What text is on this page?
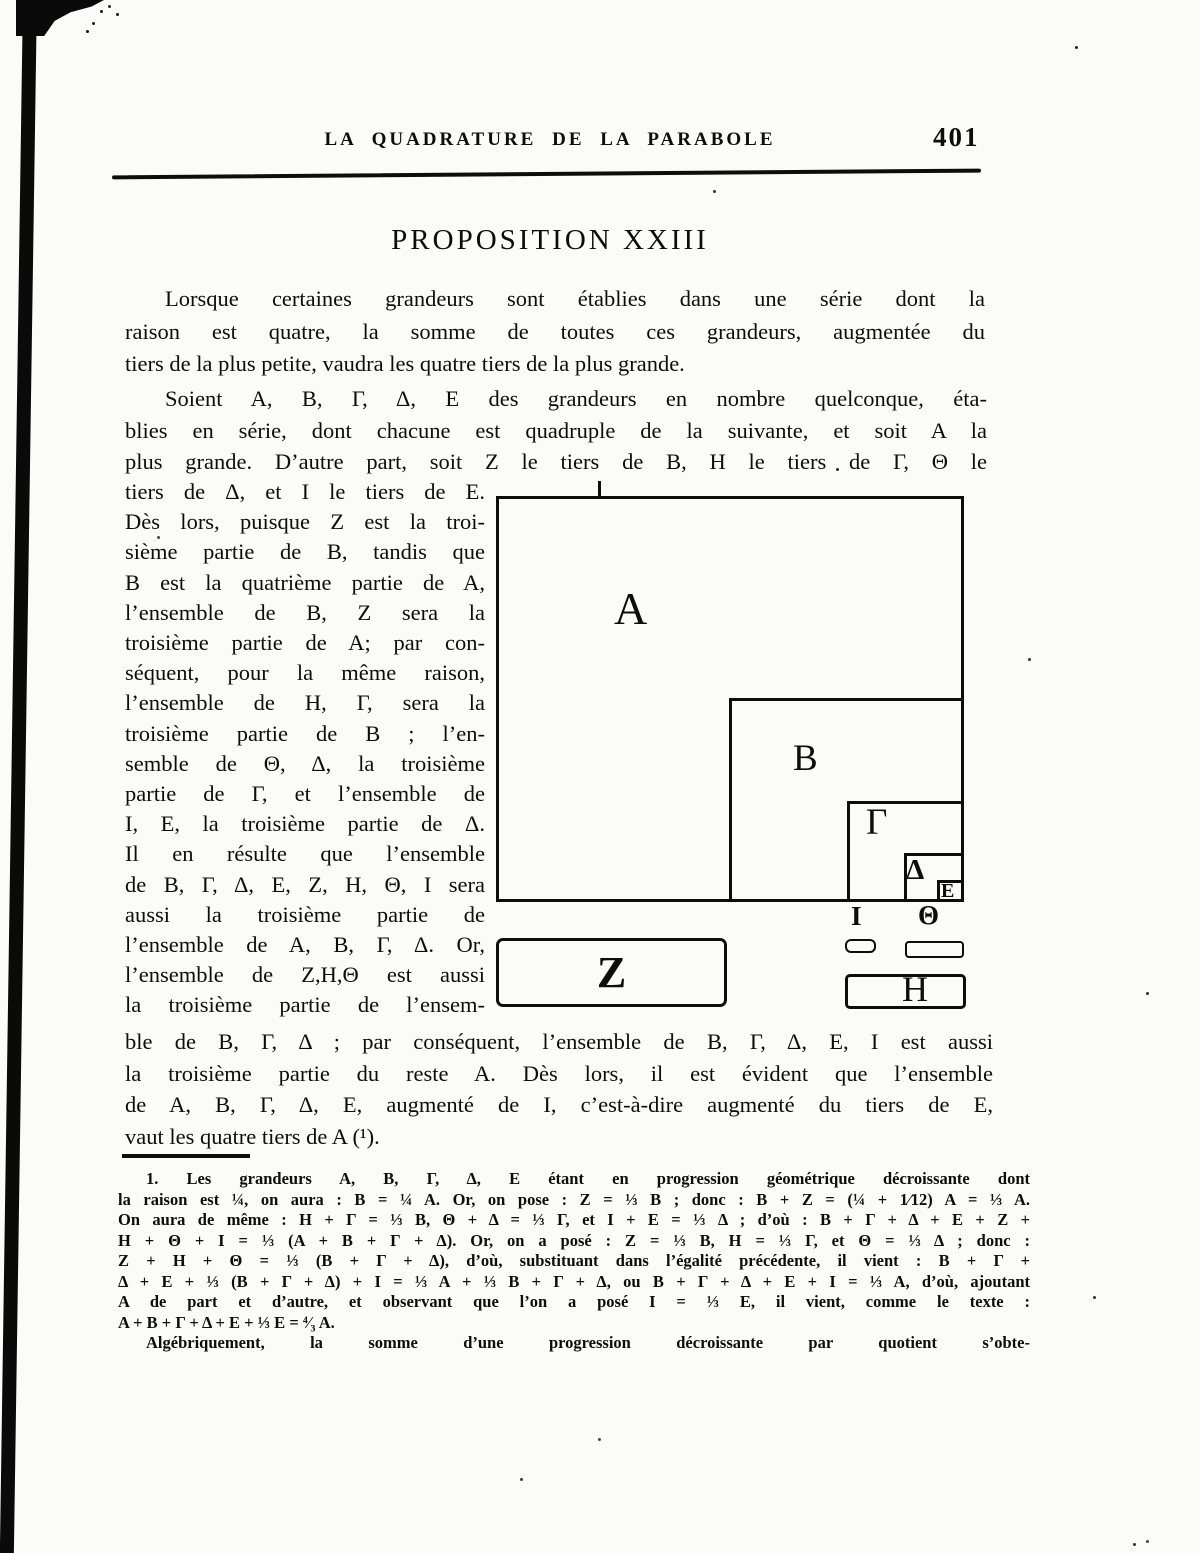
LA QUADRATURE DE LA PARABOLE	401
PROPOSITION XXIII
Lorsque certaines grandeurs sont établies dans une série dont la
raison est quatre, la somme de toutes ces grandeurs, augmentée du
tiers de la plus petite, vaudra les quatre tiers de la plus grande.
Soient A, B, Γ, Δ, E des grandeurs en nombre quelconque, éta-
blies en série, dont chacune est quadruple de la suivante, et soit A la
plus grande. D’autre part, soit Z le tiers de B, H le tiers de Γ, Θ le
tiers de Δ, et I le tiers de E.
Dès lors, puisque Z est la troi-
sième partie de B, tandis que
B est la quatrième partie de A,
l’ensemble de B, Z sera la
troisième partie de A; par con-
séquent, pour la même raison,
l’ensemble de H, Γ, sera la
troisième partie de B ; l’en-
semble de Θ, Δ, la troisième
partie de Γ, et l’ensemble de
I, E, la troisième partie de Δ.
Il en résulte que l’ensemble
de B, Γ, Δ, E, Z, H, Θ, I sera
aussi la troisième partie de
l’ensemble de A, B, Γ, Δ. Or,
l’ensemble de Z,H,Θ est aussi
la troisième partie de l’ensem-
A
B
Γ
Δ
E
I Θ
Z	H
ble de B, Γ, Δ ; par conséquent, l’ensemble de B, Γ, Δ, E, I est aussi
la troisième partie du reste A. Dès lors, il est évident que l’ensemble
de A, B, Γ, Δ, E, augmenté de I, c’est-à-dire augmenté du tiers de E,
vaut les quatre tiers de A (¹).
1. Les grandeurs A, B, Γ, Δ, E étant en progression géométrique décroissante dont
la raison est ¼, on aura : B = ¼ A. Or, on pose : Z = ⅓ B ; donc : B + Z = (¼ + 1⁄12) A = ⅓ A.
On aura de même : H + Γ = ⅓ B, Θ + Δ = ⅓ Γ, et I + E = ⅓ Δ ; d’où : B + Γ + Δ + E + Z +
H + Θ + I = ⅓ (A + B + Γ + Δ). Or, on a posé : Z = ⅓ B, H = ⅓ Γ, et Θ = ⅓ Δ ; donc :
Z + H + Θ = ⅓ (B + Γ + Δ), d’où, substituant dans l’égalité précédente, il vient : B + Γ +
Δ + E + ⅓ (B + Γ + Δ) + I = ⅓ A + ⅓ B + Γ + Δ, ou B + Γ + Δ + E + I = ⅓ A, d’où, ajoutant
A de part et d’autre, et observant que l’on a posé I = ⅓ E, il vient, comme le texte :
A + B + Γ + Δ + E + ⅓ E = ⁴⁄₃ A.
Algébriquement, la somme d’une progression décroissante par quotient s’obte-
